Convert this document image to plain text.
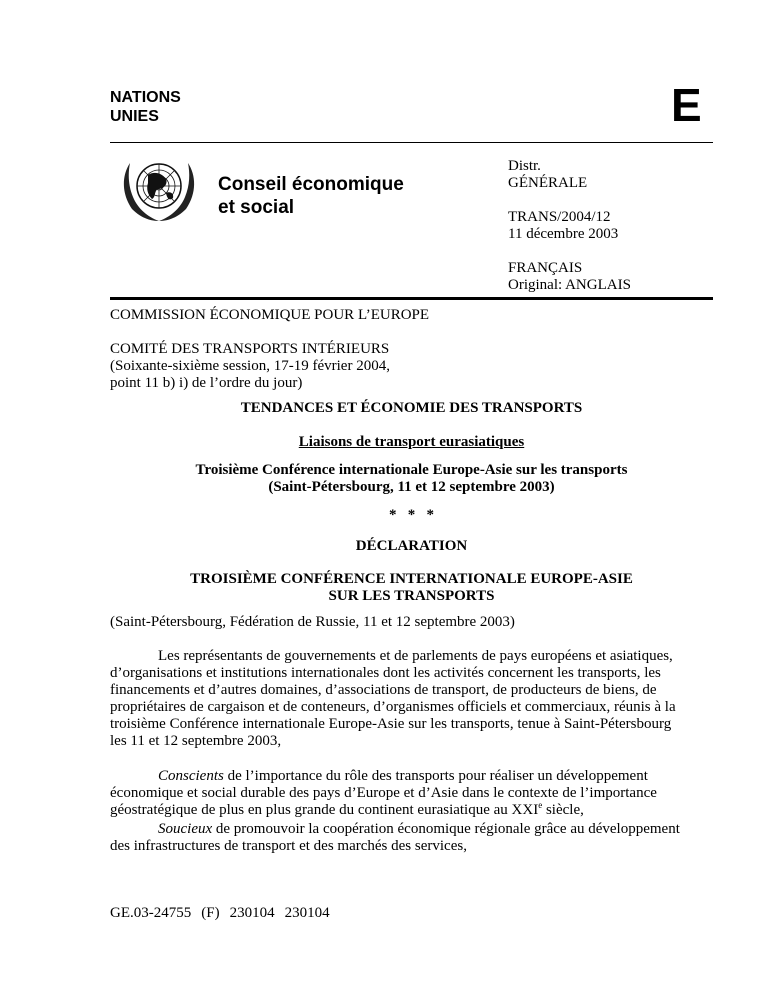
NATIONS
UNIES	E
Conseil économique
et social
Distr.
GÉNÉRALE
TRANS/2004/12
11 décembre 2003
FRANÇAIS
Original: ANGLAIS
COMMISSION ÉCONOMIQUE POUR L’EUROPE
COMITÉ DES TRANSPORTS INTÉRIEURS
(Soixante-sixième session, 17-19 février 2004,
point 11 b) i) de l’ordre du jour)
TENDANCES ET ÉCONOMIE DES TRANSPORTS
Liaisons de transport eurasiatiques
Troisième Conférence internationale Europe-Asie sur les transports
(Saint-Pétersbourg, 11 et 12 septembre 2003)
*   *   *
DÉCLARATION
TROISIÈME CONFÉRENCE INTERNATIONALE EUROPE-ASIE
SUR LES TRANSPORTS
(Saint-Pétersbourg, Fédération de Russie, 11 et 12 septembre 2003)
Les représentants de gouvernements et de parlements de pays européens et asiatiques,
d’organisations et institutions internationales dont les activités concernent les transports, les
financements et d’autres domaines, d’associations de transport, de producteurs de biens, de
propriétaires de cargaison et de conteneurs, d’organismes officiels et commerciaux, réunis à la
troisième Conférence internationale Europe-Asie sur les transports, tenue à Saint-Pétersbourg
les 11 et 12 septembre 2003,
Conscients de l’importance du rôle des transports pour réaliser un développement
économique et social durable des pays d’Europe et d’Asie dans le contexte de l’importance
géostratégique de plus en plus grande du continent eurasiatique au XXIe siècle,
Soucieux de promouvoir la coopération économique régionale grâce au développement
des infrastructures de transport et des marchés des services,
GE.03-24755 (F) 230104 230104
